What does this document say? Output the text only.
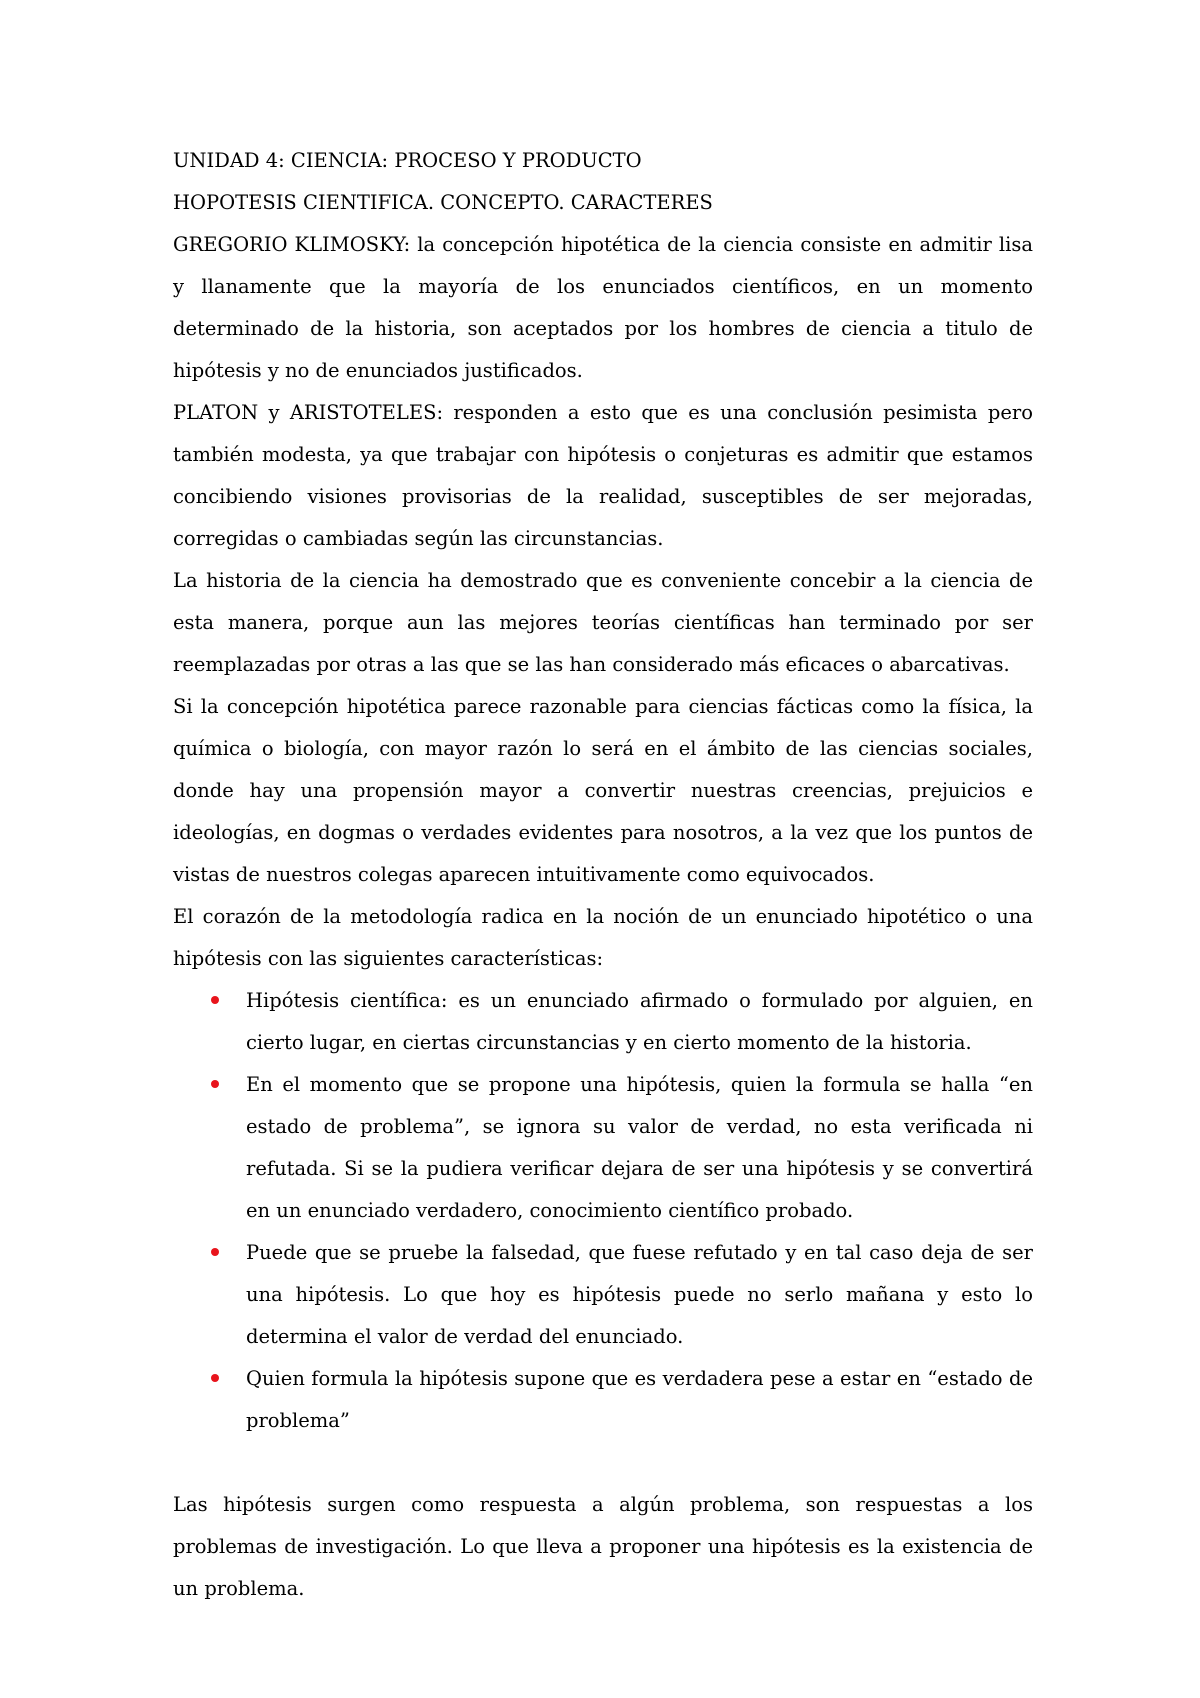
UNIDAD 4: CIENCIA: PROCESO Y PRODUCTO
HOPOTESIS CIENTIFICA. CONCEPTO. CARACTERES

GREGORIO KLIMOSKY: la concepción hipotética de la ciencia consiste en admitir lisa y llanamente que la mayoría de los enunciados científicos, en un momento determinado de la historia, son aceptados por los hombres de ciencia a titulo de hipótesis y no de enunciados justificados.

PLATON y ARISTOTELES: responden a esto que es una conclusión pesimista pero también modesta, ya que trabajar con hipótesis o conjeturas es admitir que estamos concibiendo visiones provisorias de la realidad, susceptibles de ser mejoradas, corregidas o cambiadas según las circunstancias.

La historia de la ciencia ha demostrado que es conveniente concebir a la ciencia de esta manera, porque aun las mejores teorías científicas han terminado por ser reemplazadas por otras a las que se las han considerado más eficaces o abarcativas.

Si la concepción hipotética parece razonable para ciencias fácticas como la física, la química o biología, con mayor razón lo será en el ámbito de las ciencias sociales, donde hay una propensión mayor a convertir nuestras creencias, prejuicios e ideologías, en dogmas o verdades evidentes para nosotros, a la vez que los puntos de vistas de nuestros colegas aparecen intuitivamente como equivocados.

El corazón de la metodología radica en la noción de un enunciado hipotético o una hipótesis con las siguientes características:

Hipótesis científica: es un enunciado afirmado o formulado por alguien, en cierto lugar, en ciertas circunstancias y en cierto momento de la historia.
En el momento que se propone una hipótesis, quien la formula se halla “en estado de problema”, se ignora su valor de verdad, no esta verificada ni refutada. Si se la pudiera verificar dejara de ser una hipótesis y se convertirá en un enunciado verdadero, conocimiento científico probado.
Puede que se pruebe la falsedad, que fuese refutado y en tal caso deja de ser una hipótesis. Lo que hoy es hipótesis puede no serlo mañana y esto lo determina el valor de verdad del enunciado.
Quien formula la hipótesis supone que es verdadera pese a estar en “estado de problema”

Las hipótesis surgen como respuesta a algún problema, son respuestas a los problemas de investigación. Lo que lleva a proponer una hipótesis es la existencia de un problema.
